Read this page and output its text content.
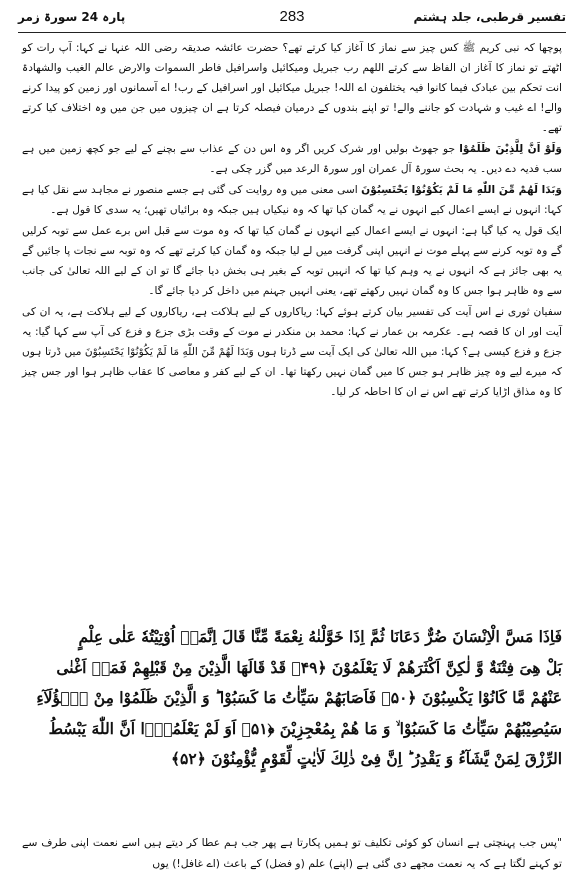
تفسیر قرطبی، جلد ہشتم
283
پارہ 24 سورۃ زمر

پوچھا کہ نبی کریم ﷺ کس چیز سے نماز کا آغاز کیا کرتے تھے؟ حضرت عائشہ صدیقہ رضی اللہ عنہا نے کہا: آپ رات کو اٹھتے تو نماز کا آغاز ان الفاظ سے کرتے اللھم رب جبریل ومیکائیل واسرافیل فاطر السموات والارض عالم الغیب والشھادۃ انت تحکم بین عبادک فیما کانوا فیہ یختلفون اے اللہ! جبریل میکائیل اور اسرافیل کے رب! اے آسمانوں اور زمین کو پیدا کرنے والے! اے غیب و شہادت کو جاننے والے! تو اپنے بندوں کے درمیان فیصلہ کرتا ہے ان چیزوں میں جن میں وہ اختلاف کیا کرتے تھے۔

وَلَوْ اَنَّ لِلَّذِیْنَ ظَلَمُوْا جو جھوٹ بولیں اور شرک کریں اگر وہ اس دن کے عذاب سے بچنے کے لیے جو کچھ زمین میں ہے سب فدیہ دے دیں۔ یہ بحث سورۃ آل عمران اور سورۃ الرعد میں گزر چکی ہے۔

وَبَدَا لَهُمْ مِّنَ اللّٰهِ مَا لَمْ یَكُوْنُوْا یَحْتَسِبُوْنَ اسی معنی میں وہ روایت کی گئی ہے جسے منصور نے مجاہد سے نقل کیا ہے کہا: انہوں نے ایسے اعمال کیے انہوں نے یہ گمان کیا تھا کہ وہ نیکیاں ہیں جبکہ وہ برائیاں تھیں؛ یہ سدی کا قول ہے۔

ایک قول یہ کیا گیا ہے: انہوں نے ایسے اعمال کیے انہوں نے گمان کیا تھا کہ وہ موت سے قبل اس برے عمل سے توبہ کرلیں گے وہ توبہ کرنے سے پہلے موت نے انہیں اپنی گرفت میں لے لیا جبکہ وہ گمان کیا کرتے تھے کہ وہ توبہ سے نجات پا جائیں گے یہ بھی جائز ہے کہ انہوں نے یہ وہم کیا تھا کہ انہیں توبہ کے بغیر ہی بخش دیا جائے گا تو ان کے لیے اللہ تعالیٰ کی جانب سے وہ ظاہر ہوا جس کا وہ گمان نہیں رکھتے تھے، یعنی انہیں جہنم میں داخل کر دیا جائے گا۔

سفیان ثوری نے اس آیت کی تفسیر بیان کرتے ہوئے کہا: ریاکاروں کے لیے ہلاکت ہے، ریاکاروں کے لیے ہلاکت ہے، یہ ان کی آیت اور ان کا قصہ ہے۔ عکرمہ بن عمار نے کہا: محمد بن منکدر نے موت کے وقت بڑی جزع و فزع کی آپ سے کہا گیا: یہ جزع و فزع کیسی ہے؟ کہا: میں اللہ تعالیٰ کی ایک آیت سے ڈرتا ہوں وَبَدَا لَهُمْ مِّنَ اللّٰهِ مَا لَمْ یَكُوْنُوْا یَحْتَسِبُوْنَ میں ڈرتا ہوں کہ میرے لیے وہ چیز ظاہر ہو جس کا میں گمان نہیں رکھتا تھا۔ ان کے لیے کفر و معاصی کا عقاب ظاہر ہوا اور جس چیز کا وہ مذاق اڑایا کرتے تھے اس نے ان کا احاطہ کر لیا۔

فَاِذَا مَسَّ الْاِنْسَانَ ضُرٌّ دَعَانَا ثُمَّ اِذَا خَوَّلْنٰهُ نِعْمَةً مِّنَّا قَالَ اِنَّمَاۤ اُوْتِیْتُهٗ عَلٰی عِلْمٍ
بَلْ هِیَ فِتْنَةٌ وَّ لٰكِنَّ اَكْثَرَهُمْ لَا یَعْلَمُوْنَ ﴿۴۹﴾ قَدْ قَالَهَا الَّذِیْنَ مِنْ قَبْلِهِمْ فَمَاۤ اَغْنٰی
عَنْهُمْ مَّا كَانُوْا یَكْسِبُوْنَ ﴿۵۰﴾ فَاَصَابَهُمْ سَیِّاٰتُ مَا كَسَبُوْا ؕ وَ الَّذِیْنَ ظَلَمُوْا مِنْ هٰۤؤُلَآءِ
سَیُصِیْبُهُمْ سَیِّاٰتُ مَا كَسَبُوْا ۙ وَ مَا هُمْ بِمُعْجِزِیْنَ ﴿۵۱﴾ اَوَ لَمْ یَعْلَمُوْۤا اَنَّ اللّٰهَ یَبْسُطُ
الرِّزْقَ لِمَنْ یَّشَآءُ وَ یَقْدِرُ ؕ اِنَّ فِیْ ذٰلِكَ لَاٰیٰتٍ لِّقَوْمٍ یُّؤْمِنُوْنَ ﴿۵۲﴾
"پس جب پہنچتی ہے انسان کو کوئی تکلیف تو ہمیں پکارتا ہے پھر جب ہم عطا کر دیتے ہیں اسے نعمت اپنی طرف سے تو کہنے لگتا ہے کہ یہ نعمت مجھے دی گئی ہے (اپنے) علم (و فضل) کے باعث (اے غافل!) یوں
